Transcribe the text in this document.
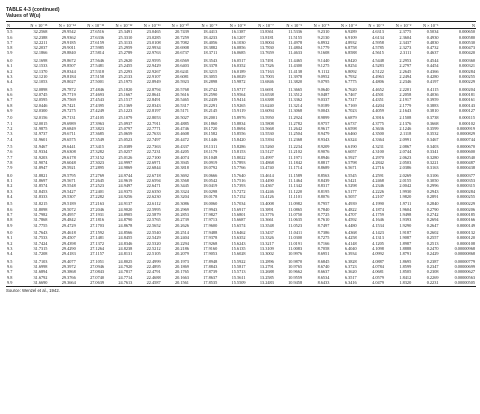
TABLE 4-3 (continued)
Values of W(u)
N	N × 10⁻¹⁵	N × 10⁻¹⁴	N × 10⁻¹³	N × 10⁻¹²	N × 10⁻¹¹	N × 10⁻¹⁰	N × 10⁻⁹	N × 10⁻⁸	N × 10⁻⁷	N × 10⁻⁶	N × 10⁻⁵	N × 10⁻⁴	N × 10⁻³	N × 10⁻²	N × 10⁻¹	N
5.5	32.2568	29.9542	27.6516	25.3491	23.0465	20.7439	18.4413	16.1387	13.8361	11.5336	9.2310	6.9289	4.6313	2.3775	0.5034	0.000650
5.6	32.2388	29.9362	27.6336	25.3310	23.0285	20.7259	18.4233	16.1207	13.8181	11.5155	9.2130	6.9109	4.6134	2.3604	0.4930	0.000580
5.7	32.2211	29.9185	27.6159	25.3133	23.0108	20.7082	18.4056	16.1030	13.8004	11.4978	6.8932	4.8932	4.5958	2.3437	0.4830	0.000530
5.8	32.2037	29.9011	27.5985	25.2959	22.9934	20.6908	18.3882	16.0856	13.7830	11.4804	9.1779	6.8758	4.5785	2.3273	0.4732	0.000473
5.9	32.1866	29.8840	27.5814	25.2789	22.9763	20.6737	18.3711	16.0685	13.7659	11.4633	9.1608	6.8588	4.5615	2.3111	0.4637	0.000420
6.0	32.1698	29.8672	27.5646	25.2620	22.9595	20.6569	18.3543	16.0517	13.7491	11.4465	9.1440	6.8420	4.5448	2.2953	0.4544	0.000360
6.1	32.1533	29.8507	27.5481	25.2455	22.9429	20.6403	18.3378	16.0352	13.7326	11.4300	9.1275	6.8254	4.5283	2.2797	0.4454	0.000321
6.2	32.1370	29.8344	27.5318	25.2293	22.9267	20.6241	18.3215	16.0189	13.7163	11.4138	9.1112	6.8092	4.5122	2.2645	0.4366	0.000284
6.3	32.1210	29.8184	27.5158	25.2133	22.9107	20.6081	18.3055	16.0029	13.7003	11.3978	9.0952	6.7932	4.4963	2.2494	0.4280	0.000255
6.4	32.1053	29.8027	27.5001	25.1975	22.8949	20.5923	18.2898	15.9872	13.6846	11.3820	9.0795	6.7775	4.4806	2.2346	0.4197	0.000229
6.5	32.0898	29.7872	27.4846	25.1820	22.8794	20.5768	18.2742	15.9717	13.6691	11.3665	9.0640	6.7620	4.4652	2.2201	0.4115	0.000204
6.6	32.0745	29.7719	27.4693	25.1667	22.8641	20.5616	18.2590	15.9564	13.6538	11.3512	9.0487	6.7467	4.4501	2.2058	0.4036	0.000181
6.7	32.0595	29.7569	27.4543	25.1517	22.8491	20.5465	18.2439	15.9414	13.6388	11.3362	9.0337	6.7317	4.4351	2.1917	0.3959	0.000161
6.8	32.0446	29.7421	27.4395	25.1369	22.8343	20.5317	18.2291	15.9265	13.6240	11.3214	9.0189	6.7169	4.4204	2.1779	0.3883	0.000143
6.9	32.0300	29.7275	27.4249	25.1223	22.8197	20.5171	18.2145	15.9119	13.6094	11.3068	9.0043	6.7023	4.4059	2.1643	0.3810	0.000127
7.0	32.0156	29.7131	27.4105	25.1079	22.8053	20.5027	18.2001	15.8976	13.5950	11.2924	8.9899	6.6879	4.3916	2.1508	0.3738	0.000115
7.1	32.0015	29.6989	27.3963	25.0937	22.7911	20.4885	18.1860	15.8834	13.5808	11.2782	8.9757	6.6737	4.3775	2.1376	0.3668	0.000102
7.2	31.9875	29.6849	27.3823	25.0797	22.7771	20.4746	18.1720	15.8694	13.5668	11.2642	8.9617	6.6598	4.3636	2.1246	0.3599	0.0000919
7.3	31.9737	29.6711	27.3685	25.0659	22.7633	20.4608	18.1582	15.8556	13.5530	11.2504	8.9479	6.6460	4.3500	2.1118	0.3532	0.0000829
7.4	31.9601	29.6575	27.3549	25.0523	22.7497	20.4472	18.1446	15.8420	13.5394	11.2368	8.9343	6.6324	4.3364	2.0991	0.3467	0.0000744
7.5	31.9467	29.6441	27.3415	25.0389	22.7363	20.4337	18.1311	15.8286	13.5260	11.2234	8.9209	6.6190	4.3231	2.0867	0.3403	0.0000670
7.6	31.9334	29.6308	27.3282	25.0257	22.7231	20.4205	18.1179	15.8153	13.5127	11.2102	8.9076	6.6057	4.3100	2.0744	0.3341	0.0000600
7.7	31.9203	29.6178	27.3152	25.0126	22.7100	20.4074	18.1048	15.8022	13.4997	11.1971	8.8946	6.5927	4.2970	2.0623	0.3280	0.0000540
7.8	31.9074	29.6048	27.3023	24.9997	22.6971	20.3945	18.0919	15.7893	13.4868	11.1842	8.8817	6.5798	4.2842	2.0503	0.3221	0.0000487
7.9	31.8947	29.5921	27.2895	24.9869	22.6844	20.3818	18.0792	15.7766	13.4740	11.1714	8.8689	6.5671	4.2716	2.0386	0.3163	0.0000438
8.0	31.8821	29.5795	27.2769	24.9744	22.6718	20.3692	18.0666	15.7640	13.4614	11.1589	8.8563	6.5545	4.2591	2.0269	0.3106	0.0000377
8.1	31.8697	29.5671	27.2645	24.9619	22.6594	20.3568	18.0542	15.7516	13.4490	11.1464	8.8439	6.5421	4.2468	2.0155	0.3050	0.0000353
8.2	31.8574	29.5548	27.2523	24.9497	22.6471	20.3445	18.0419	15.7393	13.4367	11.1342	8.8317	6.5298	4.2346	2.0042	0.2996	0.0000315
8.3	31.8453	29.5427	27.2401	24.9375	22.6350	20.3324	18.0298	15.7272	13.4246	11.1220	8.8195	6.5177	4.2226	1.9930	0.2943	0.0000284
8.4	31.8333	29.5307	27.2282	24.9256	22.6230	20.3204	18.0178	15.7152	13.4126	11.1101	8.8076	6.5057	4.2107	1.9820	0.2891	0.0000255
8.5	31.8215	29.5189	27.2163	24.9137	22.6112	20.3086	18.0060	15.7034	13.4008	11.0982	8.7957	6.4939	4.1990	1.9711	0.2840	0.0000229
8.6	31.8098	29.5072	27.2046	24.9020	22.5995	20.2969	17.9943	15.6917	13.3891	11.0865	8.7840	6.4822	4.1874	1.9604	0.2790	0.0000206
8.7	31.7982	29.4957	27.1931	24.8905	22.5879	20.2853	17.9827	15.6801	13.3776	11.0750	8.7725	6.4707	4.1759	1.9498	0.2742	0.0000185
8.8	31.7868	29.4842	27.1816	24.8790	22.5765	20.2739	17.9713	15.6687	13.3661	11.0635	8.7610	6.4592	4.1646	1.9393	0.2694	0.0000166
8.9	31.7755	29.4729	27.1703	24.8678	22.5652	20.2626	17.9600	15.6574	13.3548	11.0523	8.7497	6.4480	4.1534	1.9290	0.2647	0.0000149
9.0	31.7643	29.4618	27.1592	24.8566	22.5540	20.2514	17.9488	15.6462	13.3437	11.0411	8.7386	6.4368	4.1423	1.9187	0.2602	0.0000132
9.1	31.7533	29.4507	27.1481	24.8455	22.5429	20.2404	17.9378	15.6352	13.3326	11.0300	8.7275	6.4258	4.1313	1.9087	0.2557	0.0000120
9.2	31.7424	29.4398	27.1372	24.8346	22.5320	20.2294	17.9268	15.6243	13.3217	11.0191	8.7166	6.4148	4.1205	1.8987	0.2513	0.0000108
9.3	31.7315	29.4290	27.1264	24.8238	22.5212	20.2186	17.9160	15.6135	13.3109	11.0083	8.7058	6.4040	4.1098	1.8888	0.2470	0.00000968
9.4	31.7208	29.4183	27.1157	24.8131	22.5105	20.2079	17.9053	15.6028	13.3002	10.9976	8.6951	6.3934	4.0992	1.8791	0.2429	0.00000868
9.5	31.7103	29.4077	27.1051	24.8025	22.4999	20.1973	17.8948	15.5922	13.2896	10.9870	8.6845	6.3828	4.0887	1.8695	0.2387	0.00000779
9.6	31.6998	29.3972	27.0946	24.7920	22.4895	20.1869	17.8843	15.5817	13.2791	10.9765	8.6740	6.3723	4.0784	1.8599	0.2347	0.00000699
9.7	31.6894	29.3868	27.0843	24.7817	22.4791	20.1765	17.8739	15.5713	13.2688	10.9662	8.6637	6.3620	4.0681	1.8505	0.2308	0.00000627
9.8	31.6792	29.3766	27.0740	24.7714	22.4688	20.1663	17.8637	15.5611	13.2585	10.9559	8.6534	6.3517	4.0579	1.8412	0.2269	0.00000563
9.9	31.6690	29.3664	27.0639	24.7613	22.4587	20.1561	17.8535	15.5509	13.2483	10.9458	8.6433	6.3416	4.0479	1.8320	0.2231	0.00000505
Source: Wenzel et al., 1942.
